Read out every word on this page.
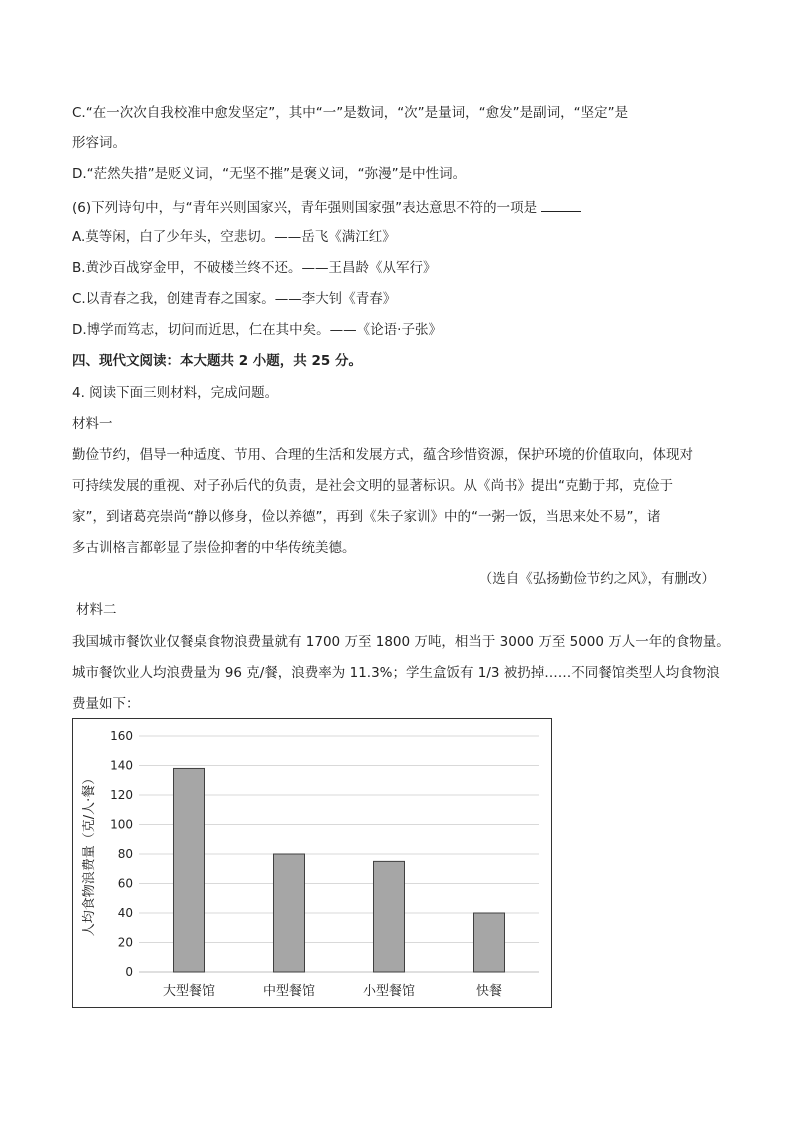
C.“在一次次自我校准中愈发坚定”，其中“一”是数词，“次”是量词，“愈发”是副词，“坚定”是
形容词。
D.“茫然失措”是贬义词，“无坚不摧”是褒义词，“弥漫”是中性词。
(6)下列诗句中，与“青年兴则国家兴，青年强则国家强”表达意思不符的一项是
A.莫等闲，白了少年头，空悲切。——岳飞《满江红》
B.黄沙百战穿金甲，不破楼兰终不还。——王昌龄《从军行》
C.以青春之我，创建青春之国家。——李大钊《青春》
D.博学而笃志，切问而近思，仁在其中矣。——《论语·子张》
四、现代文阅读：本大题共 2 小题，共 25 分。
4. 阅读下面三则材料，完成问题。
材料一
勤俭节约，倡导一种适度、节用、合理的生活和发展方式，蕴含珍惜资源，保护环境的价值取向，体现对
可持续发展的重视、对子孙后代的负责，是社会文明的显著标识。从《尚书》提出“克勤于邦，克俭于
家”，到诸葛亮崇尚“静以修身，俭以养德”，再到《朱子家训》中的“一粥一饭，当思来处不易”，诸
多古训格言都彰显了崇俭抑奢的中华传统美德。
（选自《弘扬勤俭节约之风》，有删改）
材料二
我国城市餐饮业仅餐桌食物浪费量就有 1700 万至 1800 万吨，相当于 3000 万至 5000 万人一年的食物量。
城市餐饮业人均浪费量为 96 克/餐，浪费率为 11.3%；学生盒饭有 1/3 被扔掉……不同餐馆类型人均食物浪
费量如下：
0
20
40
60
80
100
120
140
160
大型餐馆	中型餐馆	小型餐馆	快餐
人均食物浪费量（克/人·餐）
